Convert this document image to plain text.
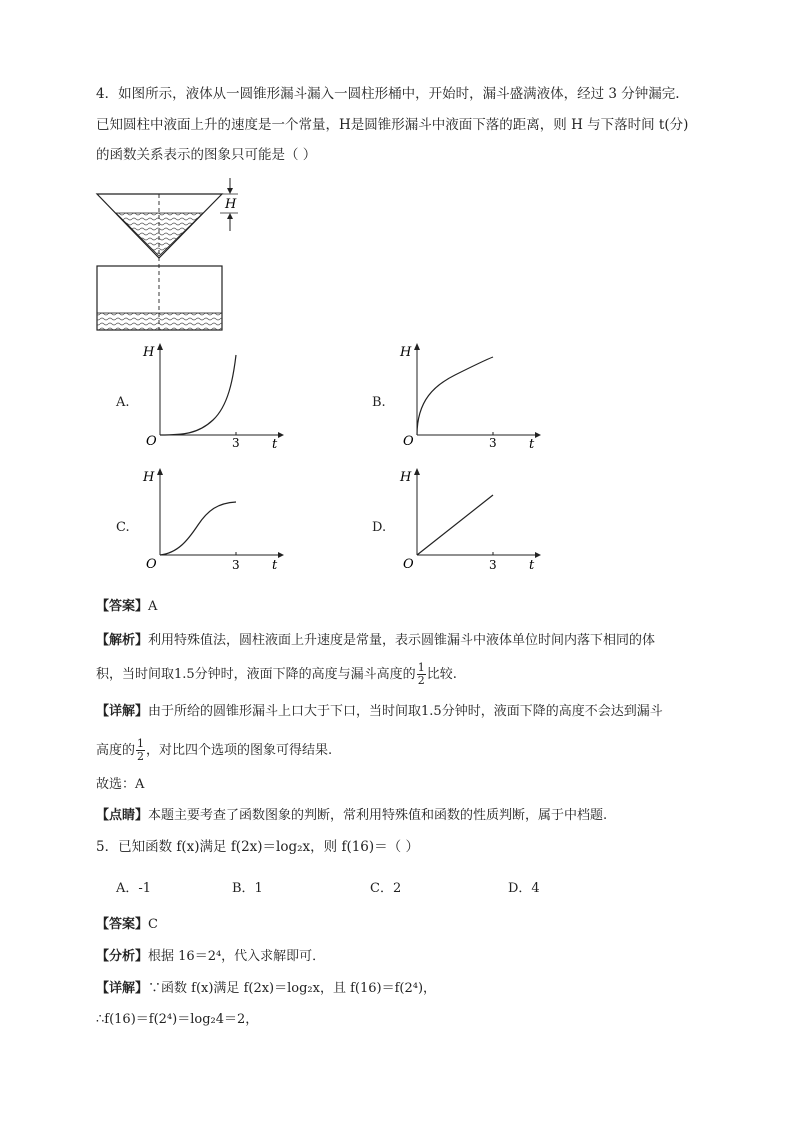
4．如图所示，液体从一圆锥形漏斗漏入一圆柱形桶中，开始时，漏斗盛满液体，经过 3 分钟漏完.
已知圆柱中液面上升的速度是一个常量，H是圆锥形漏斗中液面下落的距离，则 H 与下落时间 t(分)
的函数关系表示的图象只可能是（ ）
H
A.
H
O	3 t
B.
H
O	3 t
C.
H
O	3 t
D.
H
O	3 t
【答案】A
【解析】利用特殊值法，圆柱液面上升速度是常量，表示圆锥漏斗中液体单位时间内落下相同的体
积，当时间取1.5分钟时，液面下降的高度与漏斗高度的 $\frac{1}{2}$ 比较.
【详解】由于所给的圆锥形漏斗上口大于下口，当时间取1.5分钟时，液面下降的高度不会达到漏斗
高度的 $\frac{1}{2}$ ，对比四个选项的图象可得结果.
故选：A
【点睛】本题主要考查了函数图象的判断，常利用特殊值和函数的性质判断，属于中档题.
5．已知函数 f(x)满足 f(2x)＝log₂x，则 f(16)＝（ ）
A．-1	B．1	C．2	D．4
【答案】C
【分析】根据 16＝2⁴，代入求解即可．
【详解】∵函数 f(x)满足 f(2x)＝log₂x，且 f(16)＝f(2⁴)，
∴f(16)＝f(2⁴)＝log₂4＝2，
